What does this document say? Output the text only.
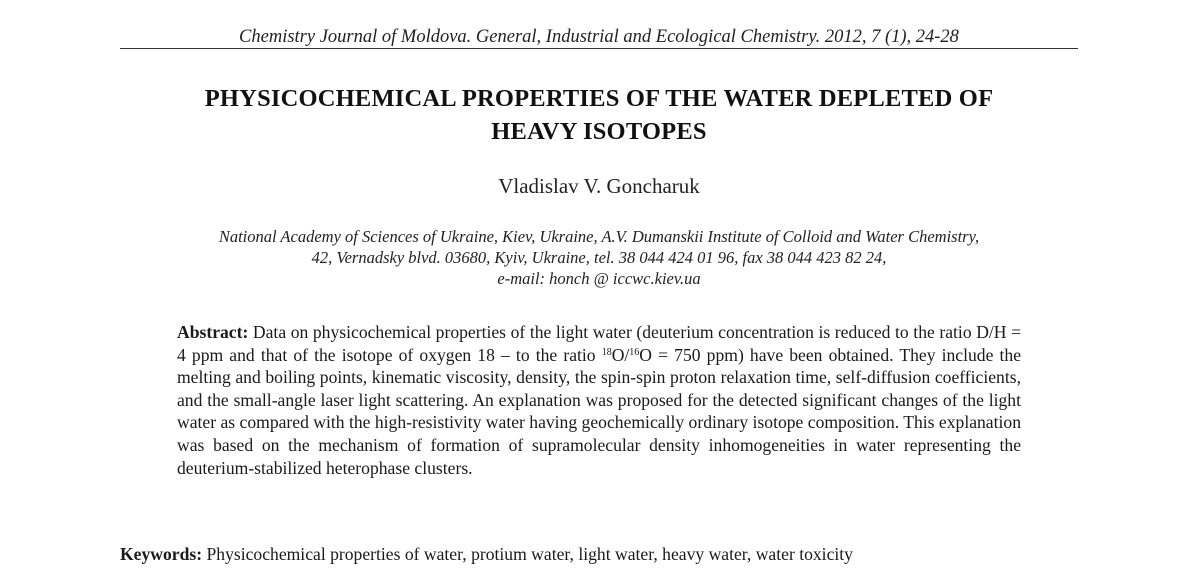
Chemistry Journal of Moldova. General, Industrial and Ecological Chemistry. 2012, 7 (1), 24-28
PHYSICOCHEMICAL PROPERTIES OF THE WATER DEPLETED OF
HEAVY ISOTOPES
Vladislav V. Goncharuk
National Academy of Sciences of Ukraine, Kiev, Ukraine, A.V. Dumanskii Institute of Colloid and Water Chemistry,
42, Vernadsky blvd. 03680, Kyiv, Ukraine, tel. 38 044 424 01 96, fax 38 044 423 82 24,
e-mail: honch @ iccwc.kiev.ua
Abstract: Data on physicochemical properties of the light water (deuterium concentration is reduced to the ratio D/H = 4 ppm and that of the isotope of oxygen 18 – to the ratio $^{18}$O/$^{16}$O = 750 ppm) have been obtained. They include the melting and boiling points, kinematic viscosity, density, the spin-spin proton relaxation time, self-diffusion coefficients, and the small-angle laser light scattering. An explanation was proposed for the detected significant changes of the light water as compared with the high-resistivity water having geochemically ordinary isotope composition. This explanation was based on the mechanism of formation of supramolecular density inhomogeneities in water representing the deuterium-stabilized heterophase clusters.
Keywords: Physicochemical properties of water, protium water, light water, heavy water, water toxicity
